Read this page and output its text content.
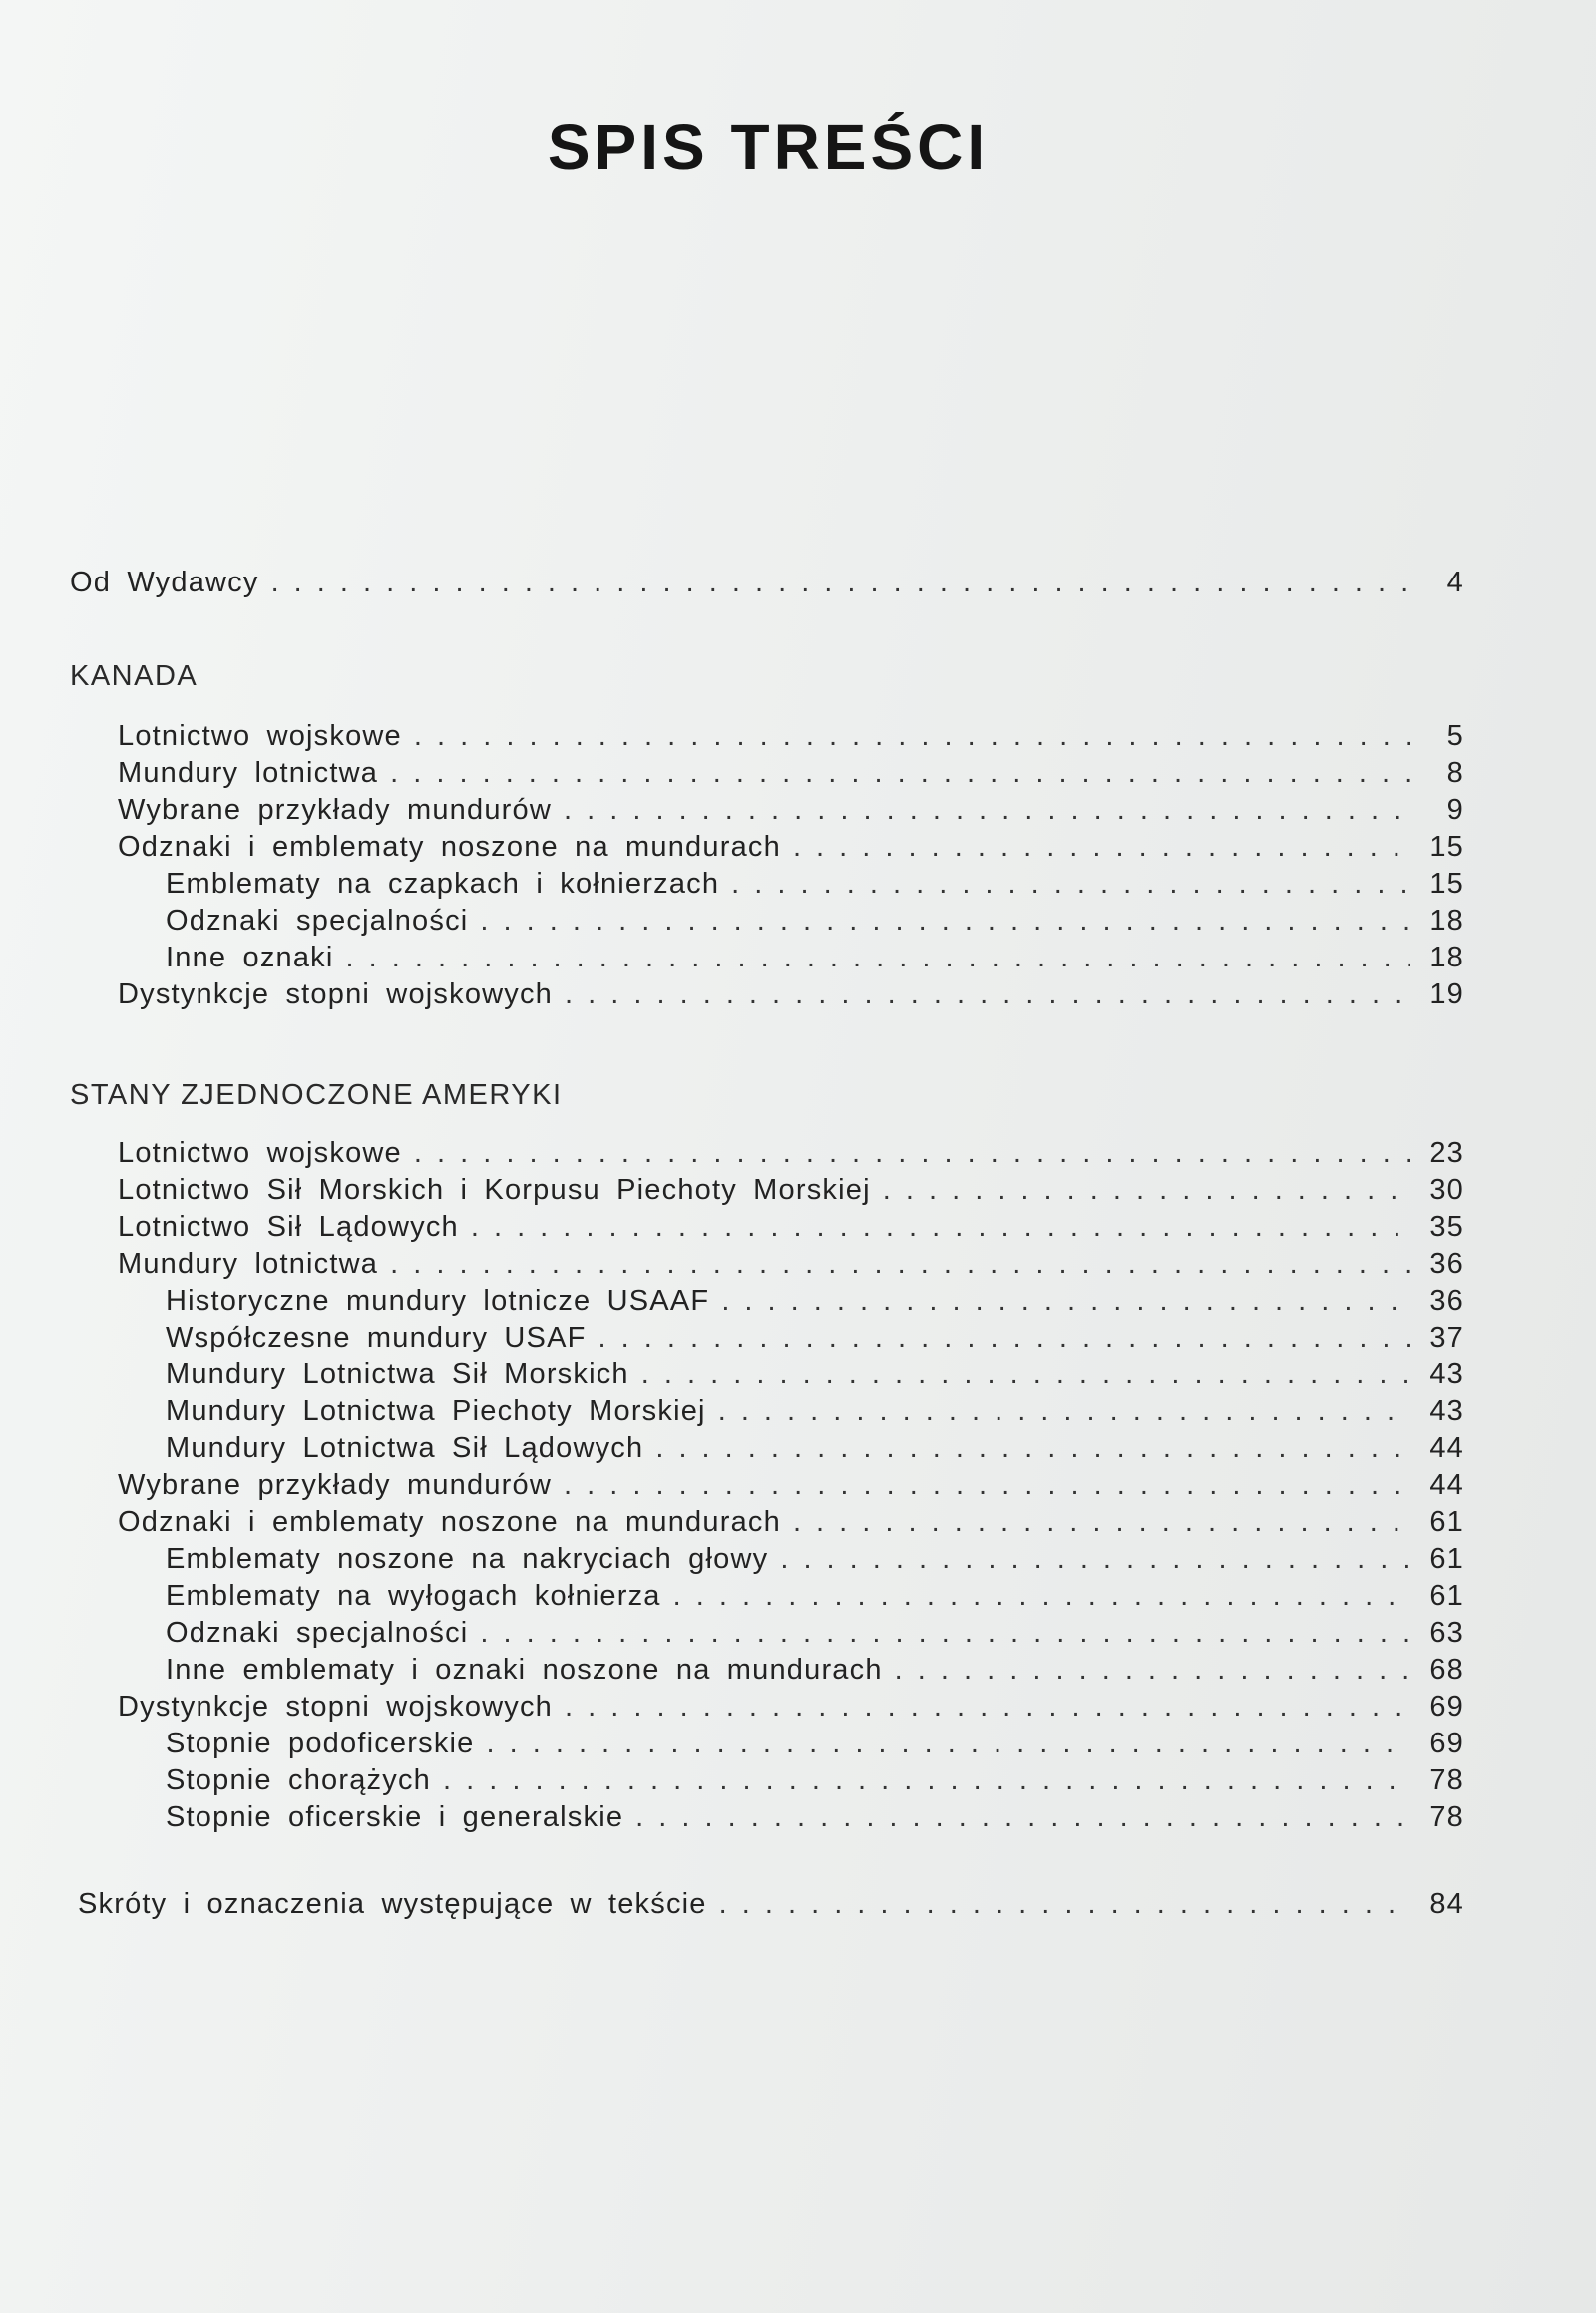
SPIS TREŚCI
Od Wydawcy . . .	4
KANADA
Lotnictwo wojskowe . . .	5
Mundury lotnictwa . . .	8
Wybrane przykłady mundurów . . .	9
Odznaki i emblematy noszone na mundurach . . .	15
Emblematy na czapkach i kołnierzach . . .	15
Odznaki specjalności . . .	18
Inne oznaki . . .	18
Dystynkcje stopni wojskowych . . .	19
STANY ZJEDNOCZONE AMERYKI
Lotnictwo wojskowe . . .	23
Lotnictwo Sił Morskich i Korpusu Piechoty Morskiej . . .	30
Lotnictwo Sił Lądowych . . .	35
Mundury lotnictwa . . .	36
Historyczne mundury lotnicze USAAF . . .	36
Współczesne mundury USAF . . .	37
Mundury Lotnictwa Sił Morskich . . .	43
Mundury Lotnictwa Piechoty Morskiej . . .	43
Mundury Lotnictwa Sił Lądowych . . .	44
Wybrane przykłady mundurów . . .	44
Odznaki i emblematy noszone na mundurach . . .	61
Emblematy noszone na nakryciach głowy . . .	61
Emblematy na wyłogach kołnierza . . .	61
Odznaki specjalności . . .	63
Inne emblematy i oznaki noszone na mundurach . . .	68
Dystynkcje stopni wojskowych . . .	69
Stopnie podoficerskie . . .	69
Stopnie chorążych . . .	78
Stopnie oficerskie i generalskie . . .	78
Skróty i oznaczenia występujące w tekście . . .	84
